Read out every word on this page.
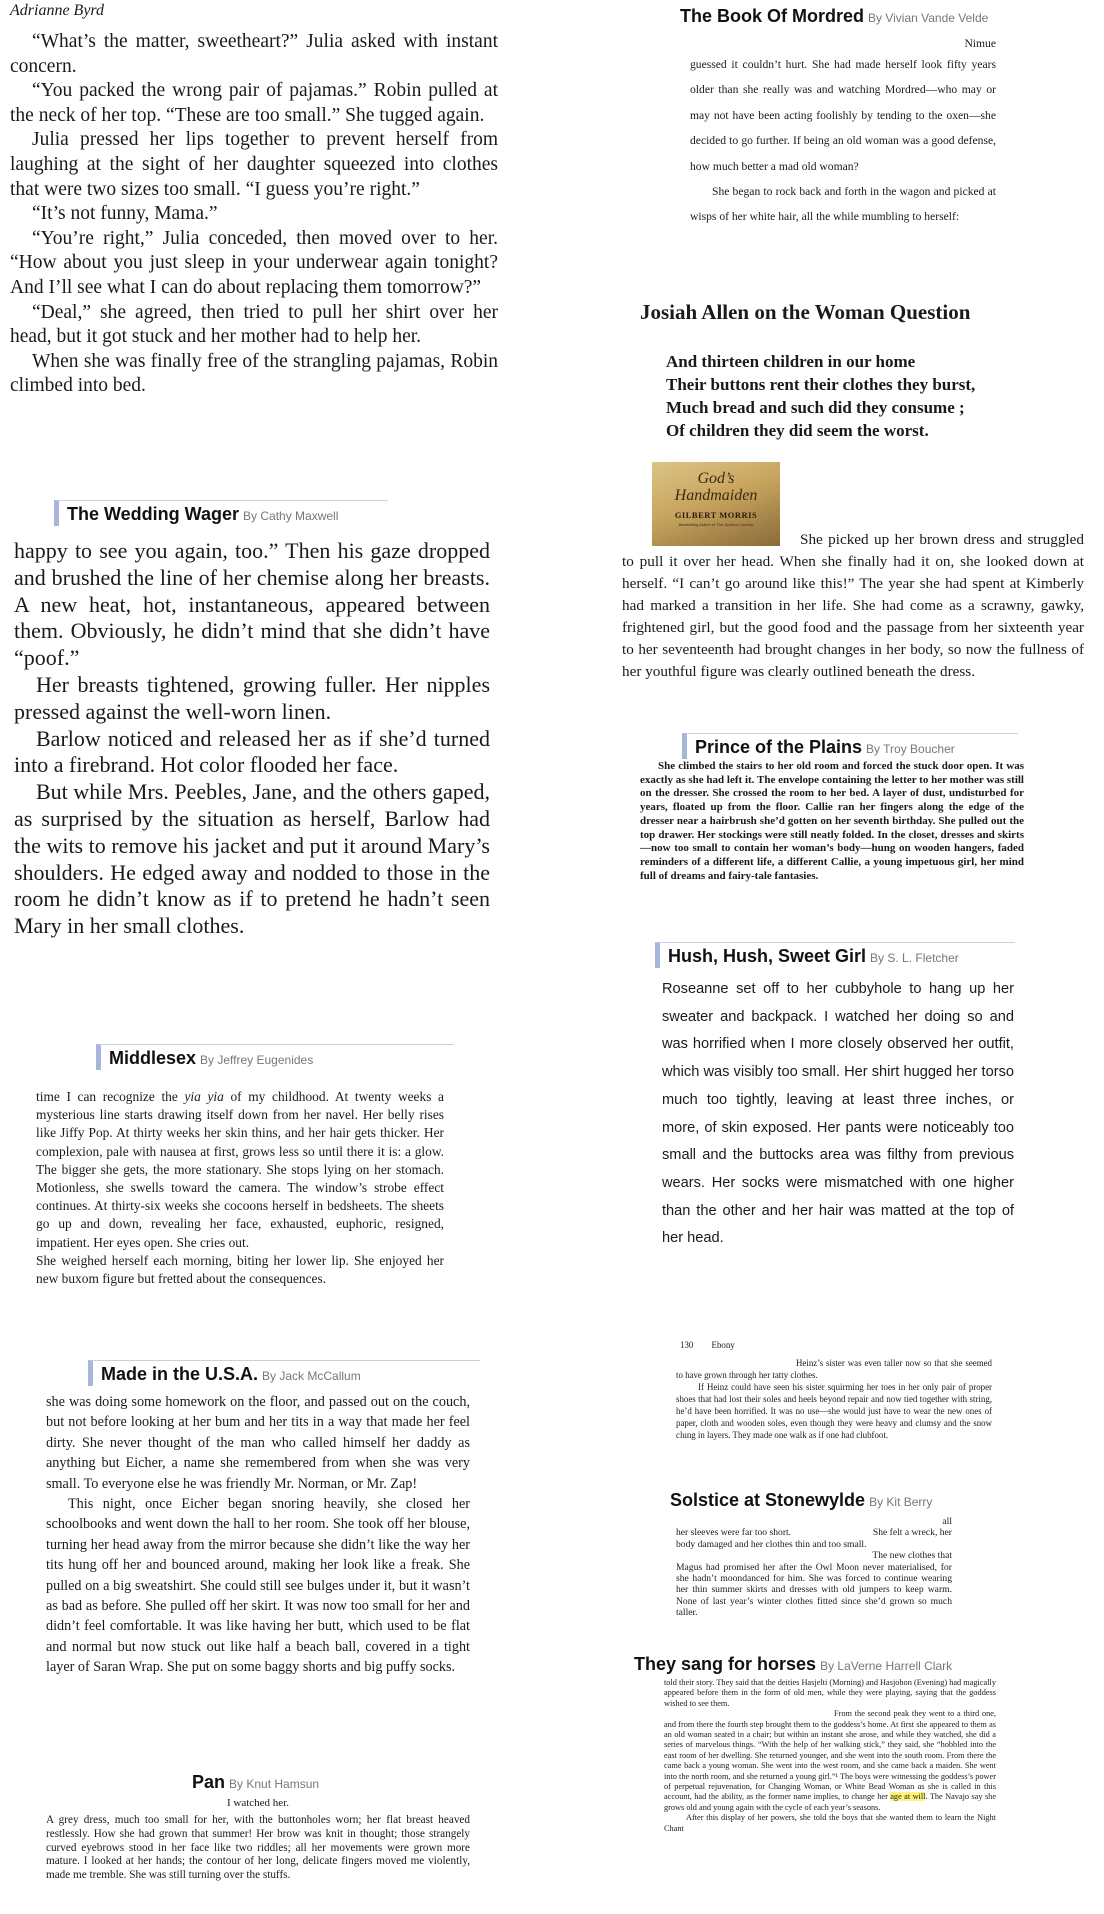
Adrianne Byrd

“What’s the matter, sweetheart?” Julia asked with instant concern.

“You packed the wrong pair of pajamas.” Robin pulled at the neck of her top. “These are too small.” She tugged again.

Julia pressed her lips together to prevent herself from laughing at the sight of her daughter squeezed into clothes that were two sizes too small. “I guess you’re right.”

“It’s not funny, Mama.”

“You’re right,” Julia conceded, then moved over to her. “How about you just sleep in your underwear again tonight? And I’ll see what I can do about replacing them tomorrow?”

“Deal,” she agreed, then tried to pull her shirt over her head, but it got stuck and her mother had to help her.

When she was finally free of the strangling pajamas, Robin climbed into bed.

The Wedding Wager By Cathy Maxwell

happy to see you again, too.” Then his gaze dropped and brushed the line of her chemise along her breasts. A new heat, hot, instantaneous, appeared between them. Obviously, he didn’t mind that she didn’t have “poof.”

Her breasts tightened, growing fuller. Her nipples pressed against the well-worn linen.

Barlow noticed and released her as if she’d turned into a firebrand. Hot color flooded her face.

But while Mrs. Peebles, Jane, and the others gaped, as surprised by the situation as herself, Barlow had the wits to remove his jacket and put it around Mary’s shoulders. He edged away and nodded to those in the room he didn’t know as if to pretend he hadn’t seen Mary in her small clothes.

Middlesex By Jeffrey Eugenides

time I can recognize the yia yia of my childhood. At twenty weeks a mysterious line starts drawing itself down from her navel. Her belly rises like Jiffy Pop. At thirty weeks her skin thins, and her hair gets thicker. Her complexion, pale with nausea at first, grows less so until there it is: a glow. The bigger she gets, the more stationary. She stops lying on her stomach. Motionless, she swells toward the camera. The window’s strobe effect continues. At thirty-six weeks she cocoons herself in bedsheets. The sheets go up and down, revealing her face, exhausted, euphoric, resigned, impatient. Her eyes open. She cries out.

She weighed herself each morning, biting her lower lip. She enjoyed her new buxom figure but fretted about the consequences.

Made in the U.S.A. By Jack McCallum

she was doing some homework on the floor, and passed out on the couch, but not before looking at her bum and her tits in a way that made her feel dirty. She never thought of the man who called himself her daddy as anything but Eicher, a name she remembered from when she was very small. To everyone else he was friendly Mr. Norman, or Mr. Zap!

This night, once Eicher began snoring heavily, she closed her schoolbooks and went down the hall to her room. She took off her blouse, turning her head away from the mirror because she didn’t like the way her tits hung off her and bounced around, making her look like a freak. She pulled on a big sweatshirt. She could still see bulges under it, but it wasn’t as bad as before. She pulled off her skirt. It was now too small for her and didn’t feel comfortable. It was like having her butt, which used to be flat and normal but now stuck out like half a beach ball, covered in a tight layer of Saran Wrap. She put on some baggy shorts and big puffy socks.

Pan By Knut Hamsun
I watched her.
A grey dress, much too small for her, with the buttonholes worn; her flat breast heaved restlessly. How she had grown that summer! Her brow was knit in thought; those strangely curved eyebrows stood in her face like two riddles; all her movements were grown more mature. I looked at her hands; the contour of her long, delicate fingers moved me violently, made me tremble. She was still turning over the stuffs.
The Book Of Mordred By Vivian Vande Velde
Nimue

guessed it couldn’t hurt. She had made herself look fifty years older than she really was and watching Mordred—who may or may not have been acting foolishly by tending to the oxen—she decided to go further. If being an old woman was a good defense, how much better a mad old woman?

She began to rock back and forth in the wagon and picked at wisps of her white hair, all the while mumbling to herself:

Josiah Allen on the Woman Question
And thirteen children in our home
Their buttons rent their clothes they burst,
Much bread and such did they consume ;
Of children they did seem the worst.
God’s Handmaiden
GILBERT MORRIS
Bestselling Author of The Spoken Country
She picked up her brown dress and struggled to pull it over her head. When she finally had it on, she looked down at herself. “I can’t go around like this!” The year she had spent at Kimberly had marked a transition in her life. She had come as a scrawny, gawky, frightened girl, but the good food and the passage from her sixteenth year to her seventeenth had brought changes in her body, so now the fullness of her youthful figure was clearly outlined beneath the dress.
Prince of the Plains By Troy Boucher
She climbed the stairs to her old room and forced the stuck door open. It was exactly as she had left it. The envelope containing the letter to her mother was still on the dresser. She crossed the room to her bed. A layer of dust, undisturbed for years, floated up from the floor. Callie ran her fingers along the edge of the dresser near a hairbrush she’d gotten on her seventh birthday. She pulled out the top drawer. Her stockings were still neatly folded. In the closet, dresses and skirts—now too small to contain her woman’s body—hung on wooden hangers, faded reminders of a different life, a different Callie, a young impetuous girl, her mind full of dreams and fairy-tale fantasies.
Hush, Hush, Sweet Girl By S. L. Fletcher
Roseanne set off to her cubbyhole to hang up her sweater and backpack. I watched her doing so and was horrified when I more closely observed her outfit, which was visibly too small. Her shirt hugged her torso much too tightly, leaving at least three inches, or more, of skin exposed. Her pants were noticeably too small and the buttocks area was filthy from previous wears. Her socks were mismatched with one higher than the other and her hair was matted at the top of her head.
130 Ebony

Heinz’s sister was even taller now so that she seemed to have grown through her tatty clothes.

If Heinz could have seen his sister squirming her toes in her only pair of proper shoes that had lost their soles and heels beyond repair and now tied together with string, he’d have been horrified. It was no use—she would just have to wear the new ones of paper, cloth and wooden soles, even though they were heavy and clumsy and the snow clung in layers. They made one walk as if one had clubfoot.

Solstice at Stonewylde By Kit Berry
all
her sleeves were far too short.	She felt a wreck, her
body damaged and her clothes thin and too small.
The new clothes that

Magus had promised her after the Owl Moon never materialised, for she hadn’t moondanced for him. She was forced to continue wearing her thin summer skirts and dresses with old jumpers to keep warm. None of last year’s winter clothes fitted since she’d grown so much taller.

They sang for horses By LaVerne Harrell Clark

told their story. They said that the deities Hasjelti (Morning) and Hasjohon (Evening) had magically appeared before them in the form of old men, while they were playing, saying that the goddess wished to see them.

From the second peak they went to a third one, and from there the fourth step brought them to the goddess’s home. At first she appeared to them as an old woman seated in a chair; but within an instant she arose, and while they watched, she did a series of marvelous things. “With the help of her walking stick,” they said, she “hobbled into the east room of her dwelling. She returned younger, and she went into the south room. From there the came back a young woman. She went into the west room, and she came back a maiden. She went into the north room, and she returned a young girl.”¹ The boys were witnessing the goddess’s power of perpetual rejuvenation, for Changing Woman, or White Bead Woman as she is called in this account, had the ability, as the former name implies, to change her age at will. The Navajo say she grows old and young again with the cycle of each year’s seasons.

After this display of her powers, she told the boys that she wanted them to learn the Night Chant
